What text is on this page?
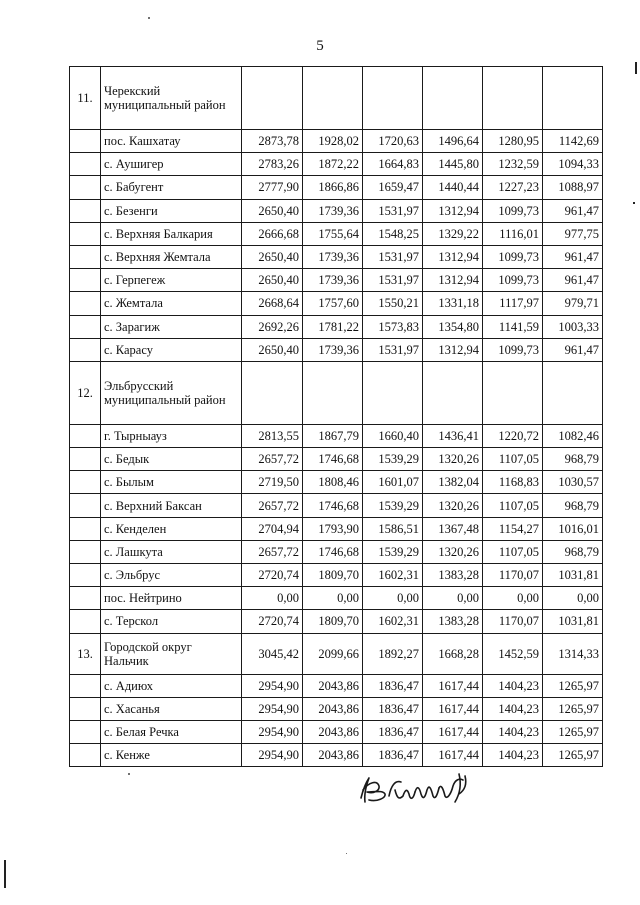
5
11.	Черекский муниципальный район						
	пос. Кашхатау	2873,78	1928,02	1720,63	1496,64	1280,95	1142,69
	с. Аушигер	2783,26	1872,22	1664,83	1445,80	1232,59	1094,33
	с. Бабугент	2777,90	1866,86	1659,47	1440,44	1227,23	1088,97
	с. Безенги	2650,40	1739,36	1531,97	1312,94	1099,73	961,47
	с. Верхняя Балкария	2666,68	1755,64	1548,25	1329,22	1116,01	977,75
	с. Верхняя Жемтала	2650,40	1739,36	1531,97	1312,94	1099,73	961,47
	с. Герпегеж	2650,40	1739,36	1531,97	1312,94	1099,73	961,47
	с. Жемтала	2668,64	1757,60	1550,21	1331,18	1117,97	979,71
	с. Зарагиж	2692,26	1781,22	1573,83	1354,80	1141,59	1003,33
	с. Карасу	2650,40	1739,36	1531,97	1312,94	1099,73	961,47
12.	Эльбрусский муниципальный район						
	г. Тырныауз	2813,55	1867,79	1660,40	1436,41	1220,72	1082,46
	с. Бедык	2657,72	1746,68	1539,29	1320,26	1107,05	968,79
	с. Былым	2719,50	1808,46	1601,07	1382,04	1168,83	1030,57
	с. Верхний Баксан	2657,72	1746,68	1539,29	1320,26	1107,05	968,79
	с. Кенделен	2704,94	1793,90	1586,51	1367,48	1154,27	1016,01
	с. Лашкута	2657,72	1746,68	1539,29	1320,26	1107,05	968,79
	с. Эльбрус	2720,74	1809,70	1602,31	1383,28	1170,07	1031,81
	пос. Нейтрино	0,00	0,00	0,00	0,00	0,00	0,00
	с. Терскол	2720,74	1809,70	1602,31	1383,28	1170,07	1031,81
13.	Городской округ Нальчик	3045,42	2099,66	1892,27	1668,28	1452,59	1314,33
	с. Адиюх	2954,90	2043,86	1836,47	1617,44	1404,23	1265,97
	с. Хасанья	2954,90	2043,86	1836,47	1617,44	1404,23	1265,97
	с. Белая Речка	2954,90	2043,86	1836,47	1617,44	1404,23	1265,97
	с. Кенже	2954,90	2043,86	1836,47	1617,44	1404,23	1265,97
